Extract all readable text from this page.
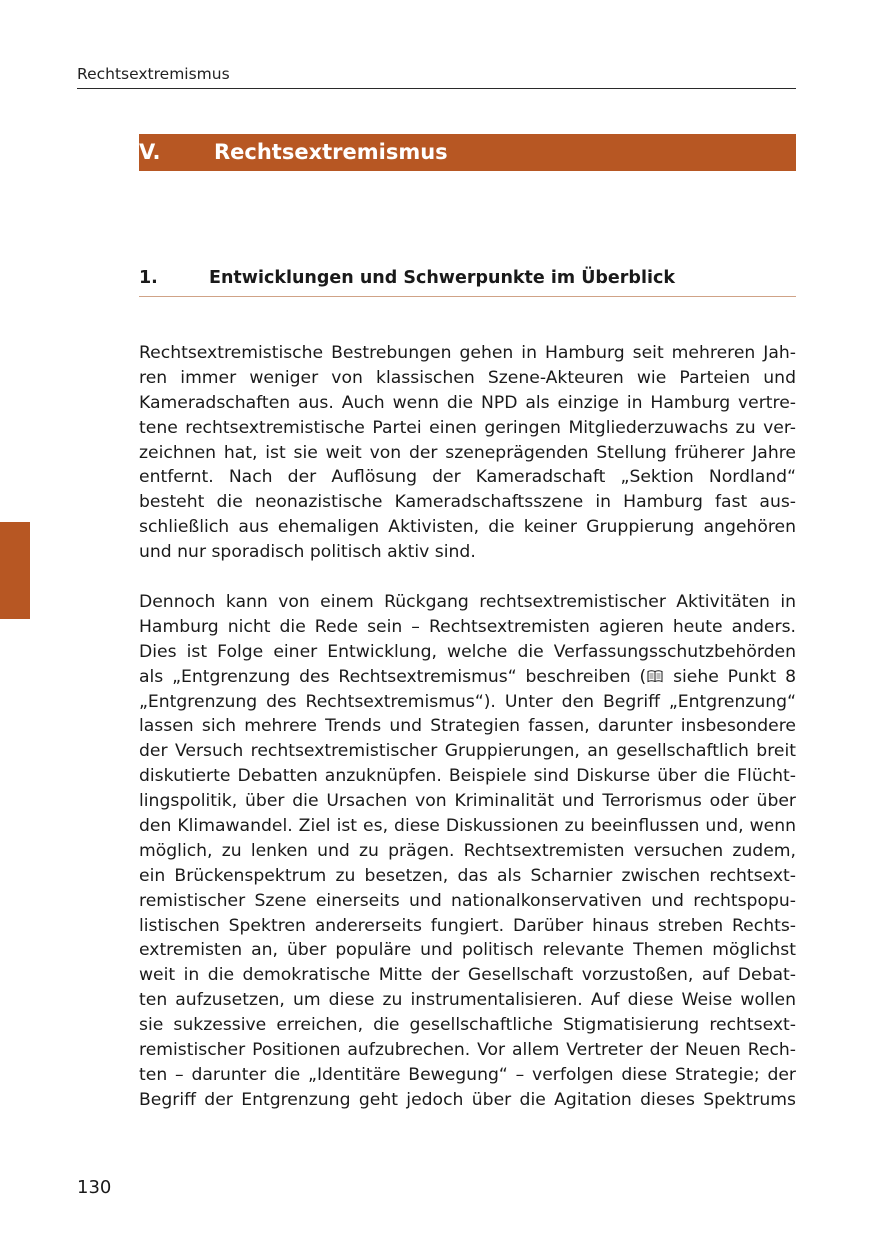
Rechtsextremismus
V.	Rechtsextremismus
1.	Entwicklungen und Schwerpunkte im Überblick
Rechtsextremistische Bestrebungen gehen in Hamburg seit mehreren Jah-
ren immer weniger von klassischen Szene-Akteuren wie Parteien und
Kameradschaften aus. Auch wenn die NPD als einzige in Hamburg vertre-
tene rechtsextremistische Partei einen geringen Mitgliederzuwachs zu ver-
zeichnen hat, ist sie weit von der szeneprägenden Stellung früherer Jahre
entfernt. Nach der Auflösung der Kameradschaft „Sektion Nordland“
besteht die neonazistische Kameradschaftsszene in Hamburg fast aus-
schließlich aus ehemaligen Aktivisten, die keiner Gruppierung angehören
und nur sporadisch politisch aktiv sind.
Dennoch kann von einem Rückgang rechtsextremistischer Aktivitäten in
Hamburg nicht die Rede sein – Rechtsextremisten agieren heute anders.
Dies ist Folge einer Entwicklung, welche die Verfassungsschutzbehörden
als „Entgrenzung des Rechtsextremismus“ beschreiben ( siehe Punkt 8
„Entgrenzung des Rechtsextremismus“). Unter den Begriff „Entgrenzung“
lassen sich mehrere Trends und Strategien fassen, darunter insbesondere
der Versuch rechtsextremistischer Gruppierungen, an gesellschaftlich breit
diskutierte Debatten anzuknüpfen. Beispiele sind Diskurse über die Flücht-
lingspolitik, über die Ursachen von Kriminalität und Terrorismus oder über
den Klimawandel. Ziel ist es, diese Diskussionen zu beeinflussen und, wenn
möglich, zu lenken und zu prägen. Rechtsextremisten versuchen zudem,
ein Brückenspektrum zu besetzen, das als Scharnier zwischen rechtsext-
remistischer Szene einerseits und nationalkonservativen und rechtspopu-
listischen Spektren andererseits fungiert. Darüber hinaus streben Rechts-
extremisten an, über populäre und politisch relevante Themen möglichst
weit in die demokratische Mitte der Gesellschaft vorzustoßen, auf Debat-
ten aufzusetzen, um diese zu instrumentalisieren. Auf diese Weise wollen
sie sukzessive erreichen, die gesellschaftliche Stigmatisierung rechtsext-
remistischer Positionen aufzubrechen. Vor allem Vertreter der Neuen Rech-
ten – darunter die „Identitäre Bewegung“ – verfolgen diese Strategie; der
Begriff der Entgrenzung geht jedoch über die Agitation dieses Spektrums
130
